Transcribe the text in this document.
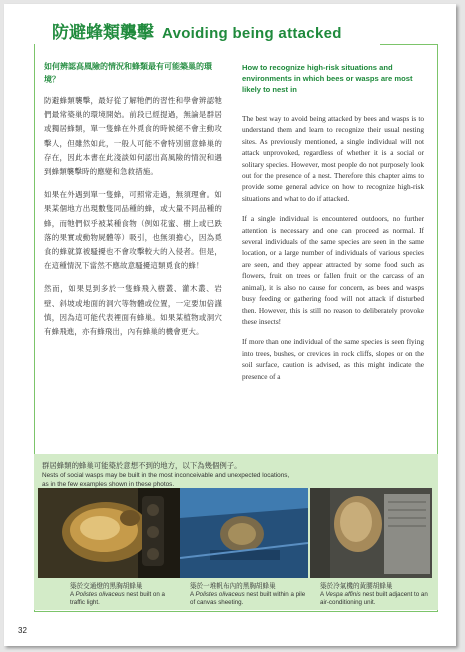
防避蜂類襲擊 Avoiding being attacked

如何辨認高風險的情況和蜂類最有可能築巢的環境？

防避蜂類襲擊，最好從了解牠們的習性和學會辨認牠們最常築巢的環境開始。前段已經提過，無論是群居或獨居蜂類，單一隻蜂在外覓食的時候絕不會主動攻擊人，但雖然如此，一般人可能不會特別留意蜂巢的存在，因此本書在此淺談如何認出高風險的情況和遇到蜂類襲擊時的應變和急救措施。

如果在外遇到單一隻蜂，可照常走過，無須理會。如果某個地方出現數隻同品種的蜂，或大量不同品種的蜂，而牠們似乎被某種食物（例如花蜜、樹上或已跌落的果實或動物屍體等）吸引，也無須擔心，因為覓食的蜂就算被騷擾也不會攻擊較大的入侵者。但是，在這種情況下當然不應故意騷擾這類覓食的蜂！

然而，如果見到多於一隻蜂飛入樹叢、灌木叢、岩壁、斜坡或地面的洞穴等物體或位置，一定要加倍謹慎，因為這可能代表裡面有蜂巢。如果某植物或洞穴有蜂飛進，亦有蜂飛出，內有蜂巢的機會更大。

How to recognize high-risk situations and environments in which bees or wasps are most likely to nest in

The best way to avoid being attacked by bees and wasps is to understand them and learn to recognize their usual nesting sites. As previously mentioned, a single individual will not attack unprovoked, regardless of whether it is a social or solitary species. However, most people do not purposely look out for the presence of a nest. Therefore this chapter aims to provide some general advice on how to recognize high-risk situations and what to do if attacked.

If a single individual is encountered outdoors, no further attention is necessary and one can proceed as normal. If several individuals of the same species are seen in the same location, or a large number of individuals of various species are seen, and they appear attracted by some food such as flowers, fruit on trees or fallen fruit or the carcass of an animal), it is also no cause for concern, as bees and wasps busy feeding or gathering food will not attack if disturbed then. However, this is still no reason to deliberately provoke these insects!

If more than one individual of the same species is seen flying into trees, bushes, or crevices in rock cliffs, slopes or on the soil surface, caution is advised, as this might indicate the presence of a

群居蜂類的蜂巢可能築於意想不到的地方，以下為幾個例子。
Nests of social wasps may be built in the most inconceivable and unexpected locations, as in the few examples shown in these photos.
築於交通燈的黑胸胡蜂巢
A Polistes olivaceus nest built on a traffic light.
築於一堆帆布內的黑胸胡蜂巢
A Polistes olivaceus nest built within a pile of canvas sheeting.
築於冷氣機的黃腰胡蜂巢
A Vespa affinis nest built adjacent to an air-conditioning unit.
32
